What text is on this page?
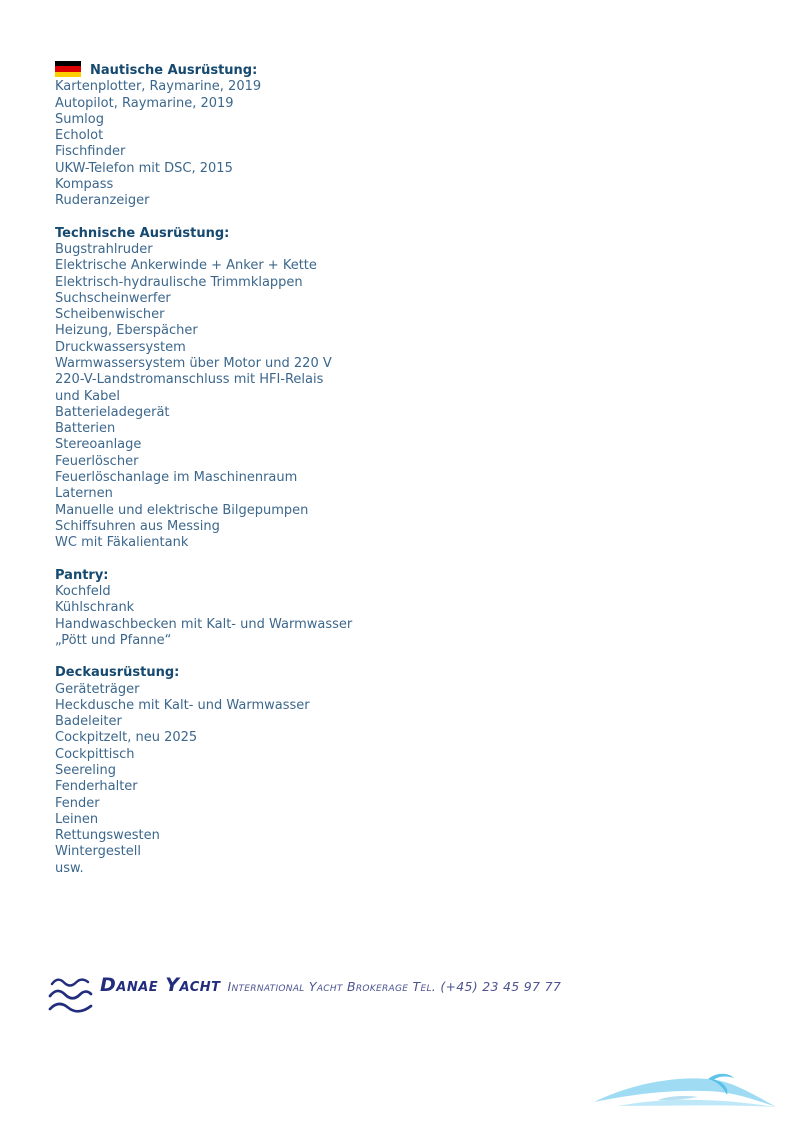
Nautische Ausrüstung:
Kartenplotter, Raymarine, 2019
Autopilot, Raymarine, 2019
Sumlog
Echolot
Fischfinder
UKW-Telefon mit DSC, 2015
Kompass
Ruderanzeiger
Technische Ausrüstung:
Bugstrahlruder
Elektrische Ankerwinde + Anker + Kette
Elektrisch-hydraulische Trimmklappen
Suchscheinwerfer
Scheibenwischer
Heizung, Eberspächer
Druckwassersystem
Warmwassersystem über Motor und 220 V
220-V-Landstromanschluss mit HFI-Relais
und Kabel
Batterieladegerät
Batterien
Stereoanlage
Feuerlöscher
Feuerlöschanlage im Maschinenraum
Laternen
Manuelle und elektrische Bilgepumpen
Schiffsuhren aus Messing
WC mit Fäkalientank
Pantry:
Kochfeld
Kühlschrank
Handwaschbecken mit Kalt- und Warmwasser
„Pött und Pfanne“
Deckausrüstung:
Geräteträger
Heckdusche mit Kalt- und Warmwasser
Badeleiter
Cockpitzelt, neu 2025
Cockpittisch
Seereling
Fenderhalter
Fender
Leinen
Rettungswesten
Wintergestell
usw.
Danae Yacht International Yacht Brokerage Tel. (+45) 23 45 97 77
